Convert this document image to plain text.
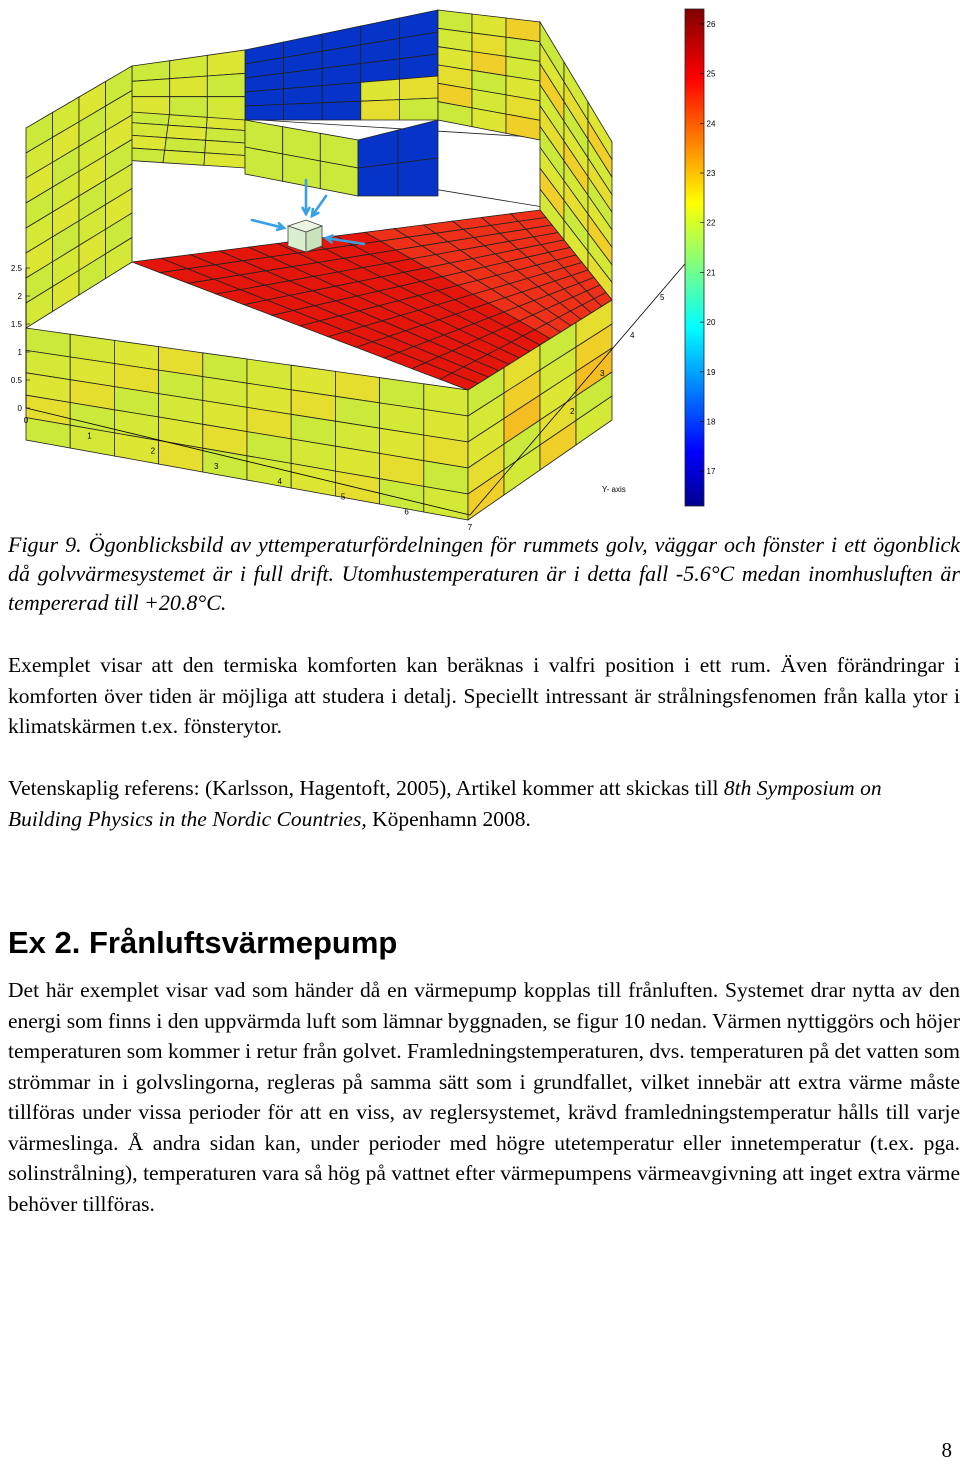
0
0.5
1
1.5
2
2.5
0
1
2
3
4
5
6
7
2
3
4
5
Y- axis
17
18
19
20
21
22
23
24
25
26

Figur 9. Ögonblicksbild av yttemperaturfördelningen för rummets golv, väggar och fönster i ett ögonblick då golvvärmesystemet är i full drift. Utomhustemperaturen är i detta fall -5.6°C medan inomhusluften är tempererad till +20.8°C.

Exemplet visar att den termiska komforten kan beräknas i valfri position i ett rum. Även förändringar i komforten över tiden är möjliga att studera i detalj. Speciellt intressant är strålningsfenomen från kalla ytor i klimatskärmen t.ex. fönsterytor.

Vetenskaplig referens: (Karlsson, Hagentoft, 2005), Artikel kommer att skickas till 8th Symposium on Building Physics in the Nordic Countries, Köpenhamn 2008.

Ex 2. Frånluftsvärmepump

Det här exemplet visar vad som händer då en värmepump kopplas till frånluften. Systemet drar nytta av den energi som finns i den uppvärmda luft som lämnar byggnaden, se figur 10 nedan. Värmen nyttiggörs och höjer temperaturen som kommer i retur från golvet. Framledningstemperaturen, dvs. temperaturen på det vatten som strömmar in i golvslingorna, regleras på samma sätt som i grundfallet, vilket innebär att extra värme måste tillföras under vissa perioder för att en viss, av reglersystemet, krävd framledningstemperatur hålls till varje värmeslinga. Å andra sidan kan, under perioder med högre utetemperatur eller innetemperatur (t.ex. pga. solinstrålning), temperaturen vara så hög på vattnet efter värmepumpens värmeavgivning att inget extra värme behöver tillföras.

8
